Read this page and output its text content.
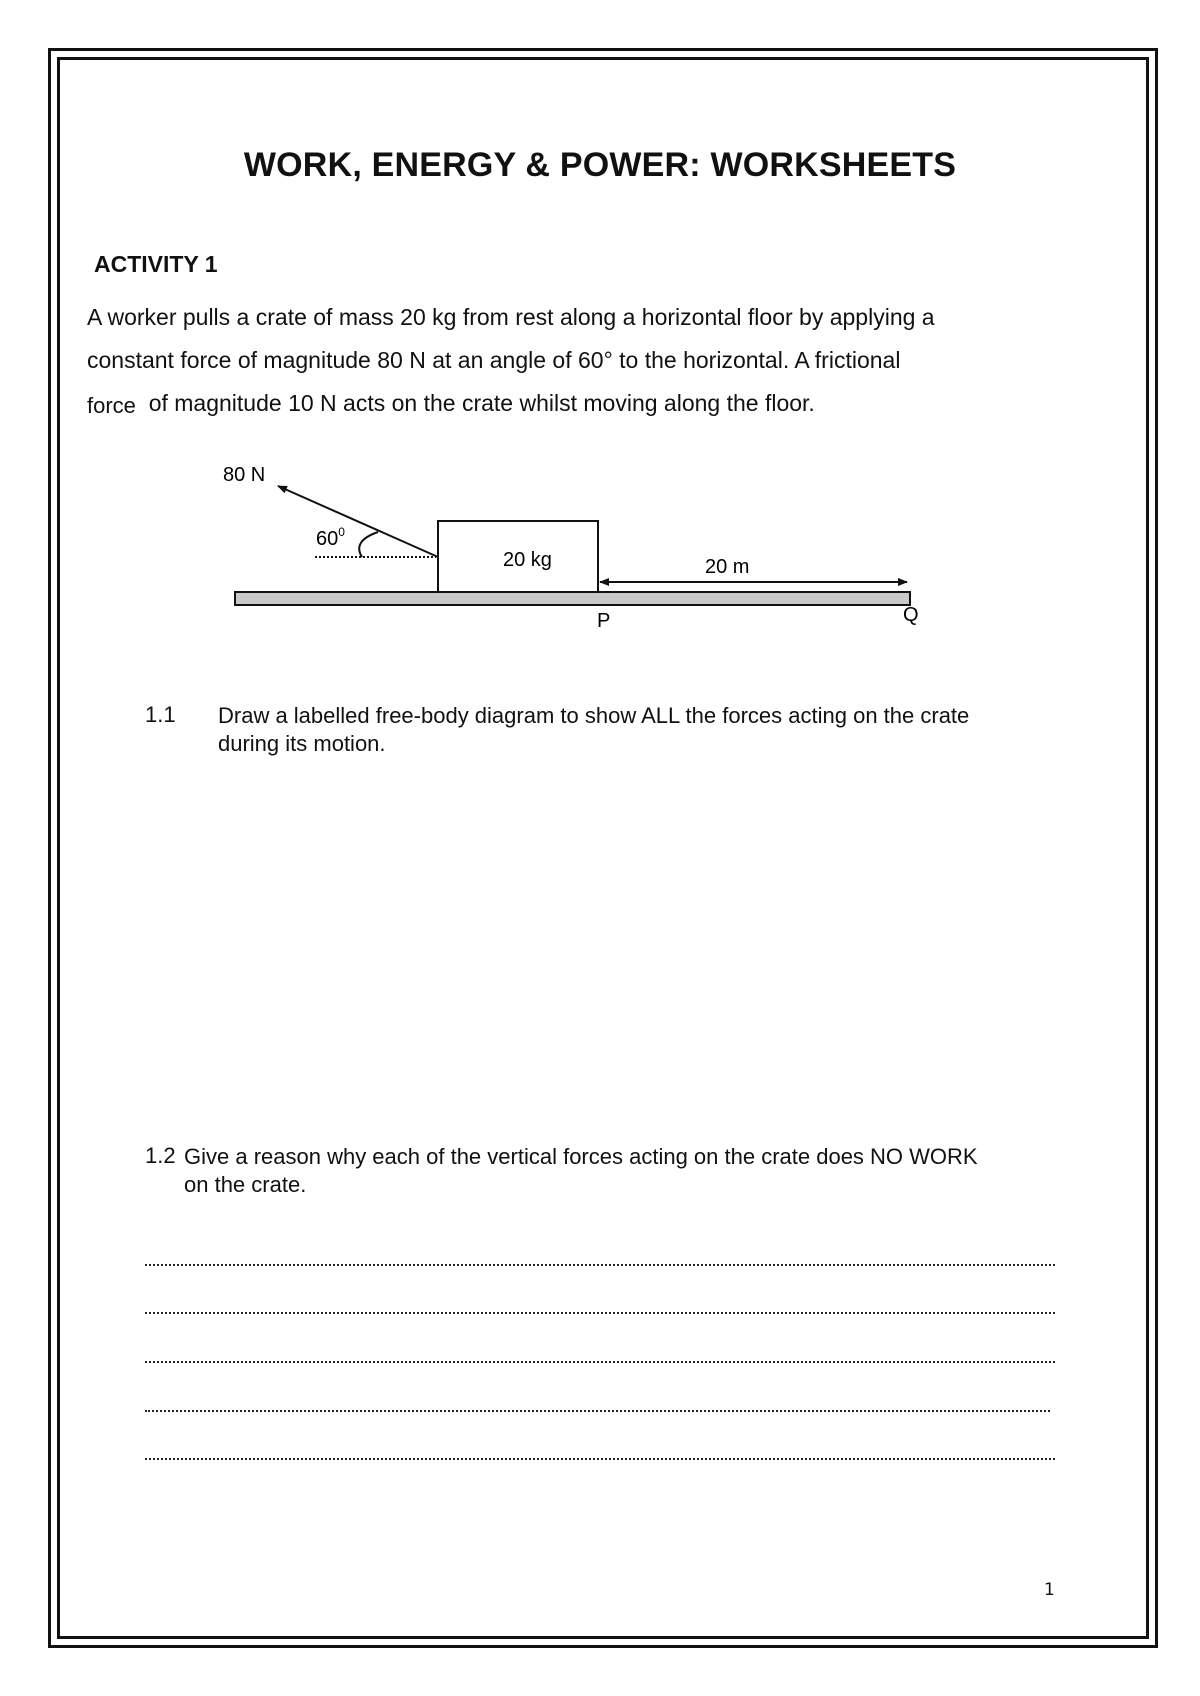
WORK, ENERGY & POWER: WORKSHEETS
ACTIVITY 1
A worker pulls a crate of mass 20 kg from rest along a horizontal floor by applying a
constant force of magnitude 80 N at an angle of 60° to the horizontal. A frictional
force of magnitude 10 N acts on the crate whilst moving along the floor.
80 N
$60^0$
20 kg	20 m
P	Q
1.1 Draw a labelled free-body diagram to show ALL the forces acting on the crate
during its motion.
1.2 Give a reason why each of the vertical forces acting on the crate does NO WORK
on the crate.
1
